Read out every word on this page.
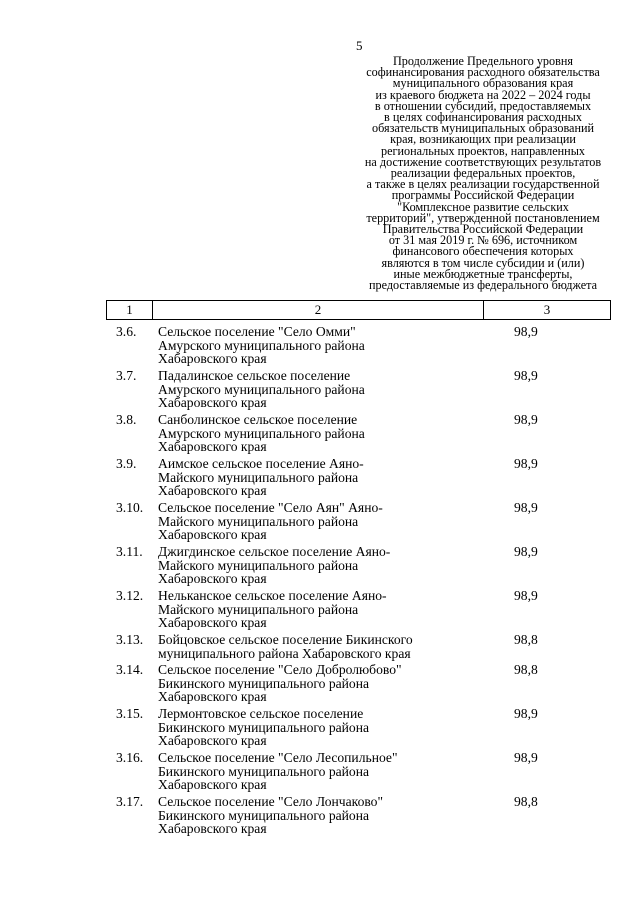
5
Продолжение Предельного уровня
софинансирования расходного обязательства
муниципального образования края
из краевого бюджета на 2022 – 2024 годы
в отношении субсидий, предоставляемых
в целях софинансирования расходных
обязательств муниципальных образований
края, возникающих при реализации
региональных проектов, направленных
на достижение соответствующих результатов
реализации федеральных проектов,
а также в целях реализации государственной
программы Российской Федерации
"Комплексное развитие сельских
территорий", утвержденной постановлением
Правительства Российской Федерации
от 31 мая 2019 г. № 696, источником
финансового обеспечения которых
являются в том числе субсидии и (или)
иные межбюджетные трансферты,
предоставляемые из федерального бюджета
1	2	3
3.6. Сельское поселение "Село Омми"
Амурского муниципального района
Хабаровского края
98,9
3.7. Падалинское сельское поселение
Амурского муниципального района
Хабаровского края
98,9
3.8. Санболинское сельское поселение
Амурского муниципального района
Хабаровского края
98,9
3.9. Аимское сельское поселение Аяно-
Майского муниципального района
Хабаровского края
98,9
3.10. Сельское поселение "Село Аян" Аяно-
Майского муниципального района
Хабаровского края
98,9
3.11. Джигдинское сельское поселение Аяно-
Майского муниципального района
Хабаровского края
98,9
3.12. Нельканское сельское поселение Аяно-
Майского муниципального района
Хабаровского края
98,9
3.13. Бойцовское сельское поселение Бикинского
муниципального района Хабаровского края
98,8
3.14. Сельское поселение "Село Добролюбово"
Бикинского муниципального района
Хабаровского края
98,8
3.15. Лермонтовское сельское поселение
Бикинского муниципального района
Хабаровского края
98,9
3.16. Сельское поселение "Село Лесопильное"
Бикинского муниципального района
Хабаровского края
98,9
3.17. Сельское поселение "Село Лончаково"
Бикинского муниципального района
Хабаровского края
98,8
